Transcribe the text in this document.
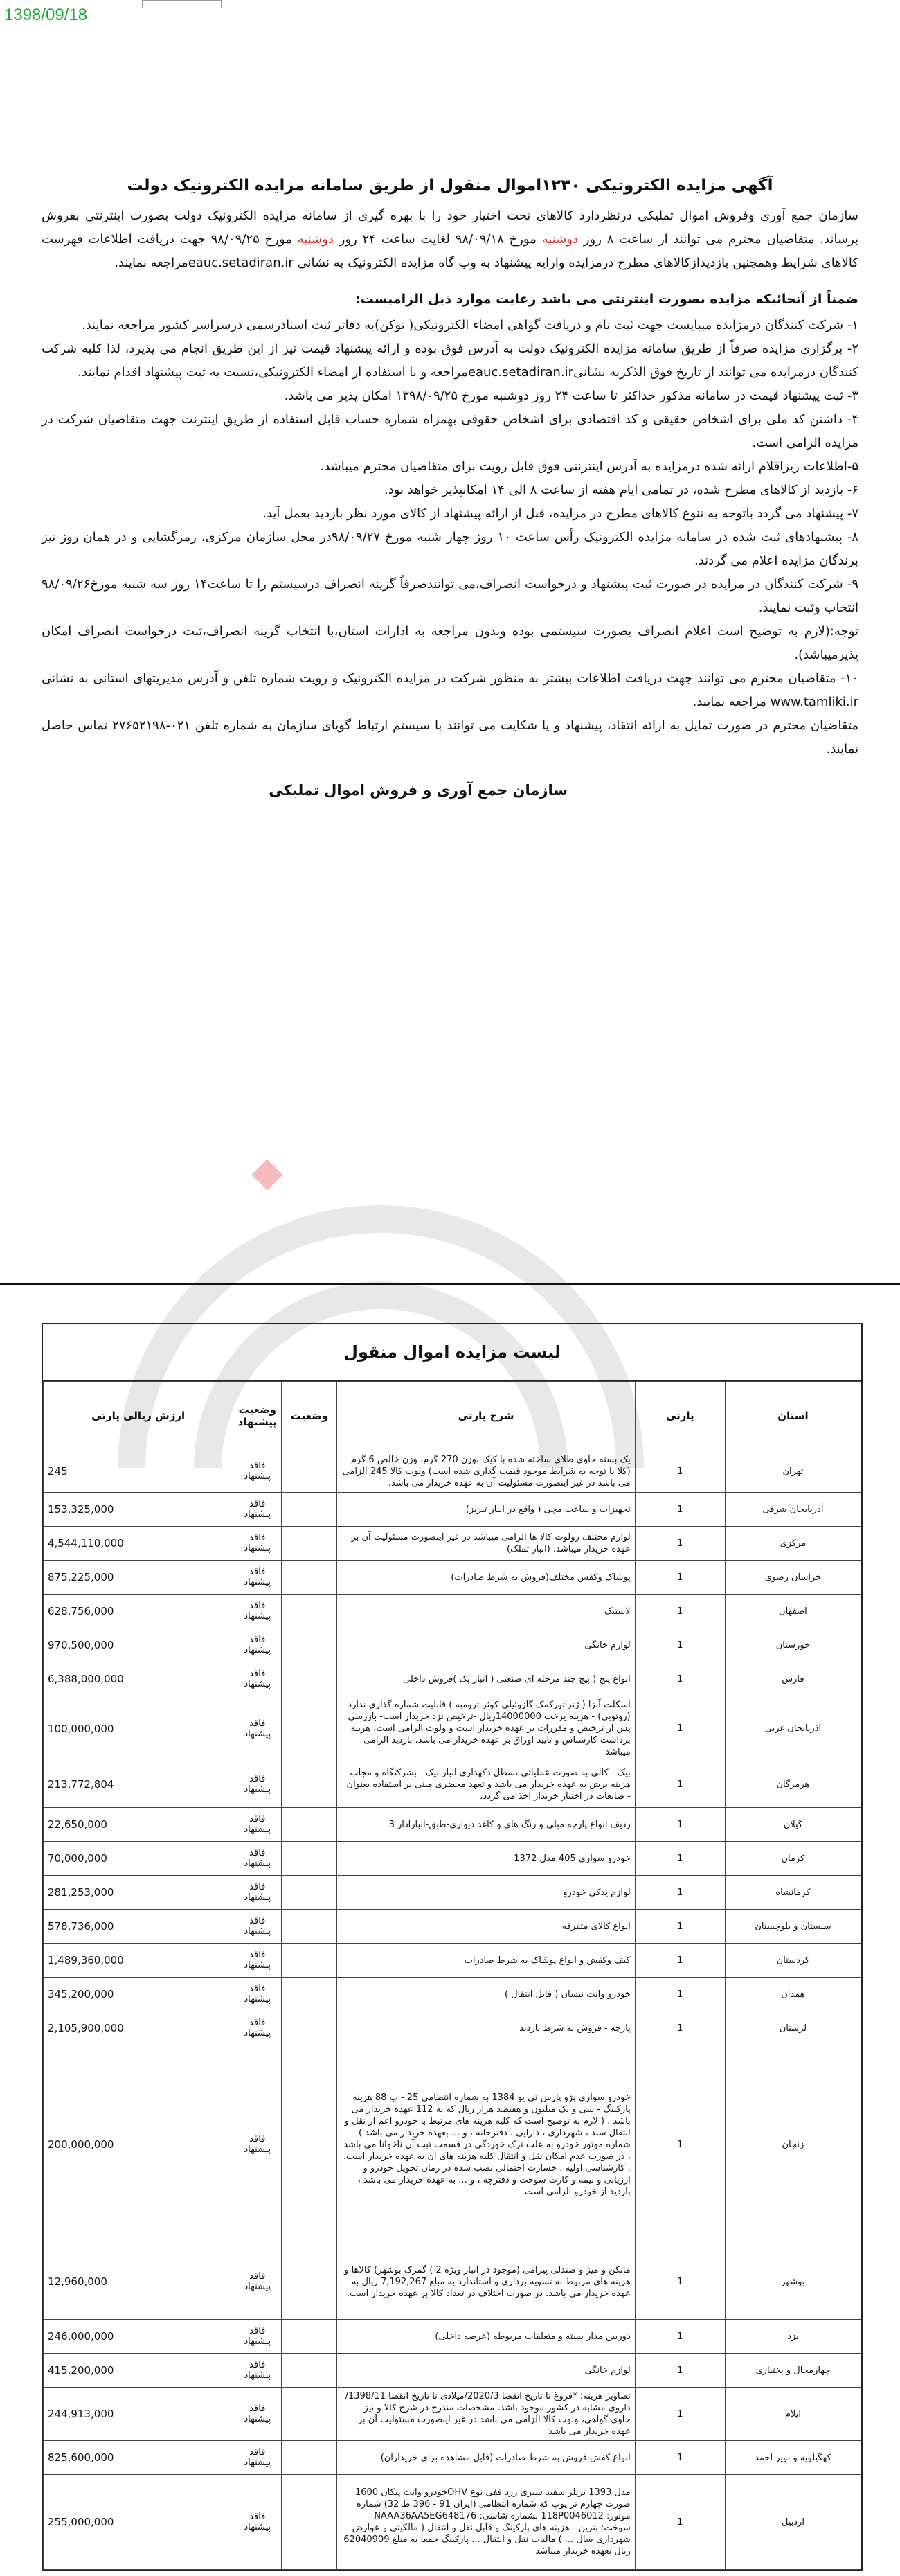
1398/09/18
آگهی مزایده الکترونیکی ۱۲۳۰اموال منقول از طریق سامانه مزایده الکترونیک دولت

سازمان جمع آوری وفروش اموال تملیکی درنظردارد کالاهای تحت اختیار خود را با بهره گیری از سامانه مزایده الکترونیک دولت بصورت اینترنتی بفروش برساند. متقاضیان محترم می توانند از ساعت ۸ روز دوشنبه مورخ ۹۸/۰۹/۱۸ لغایت ساعت ۲۴ روز دوشنبه مورخ ۹۸/۰۹/۲۵ جهت دریافت اطلاعات فهرست کالاهای شرایط وهمچنین بازدیدازکالاهای مطرح درمزایده وارایه پیشنهاد به وب گاه مزایده الکترونیک به نشانی eauc.setadiran.irمراجعه نمایند.

ضمناً از آنجائیکه مزایده بصورت اینترنتی می باشد رعایت موارد ذیل الزامیست:

۱- شرکت کنندگان درمزایده میبایست جهت ثبت نام و دریافت گواهی امضاء الکترونیکی( توکن)به دفاتر ثبت اسنادرسمی درسراسر کشور مراجعه نمایند.

۲- برگزاری مزایده صرفاً از طریق سامانه مزایده الکترونیک دولت به آدرس فوق بوده و ارائه پیشنهاد قیمت نیز از این طریق انجام می پذیرد، لذا کلیه شرکت کنندگان درمزایده می توانند از تاریخ فوق الذکربه نشانیeauc.setadiran.irمراجعه و با استفاده از امضاء الکترونیکی،نسبت به ثبت پیشنهاد اقدام نمایند.

۳- ثبت پیشنهاد قیمت در سامانه مذکور حداکثر تا ساعت ۲۴ روز دوشنبه مورخ ۱۳۹۸/۰۹/۲۵ امکان پذیر می باشد.

۴- داشتن کد ملی برای اشخاص حقیقی و کد اقتصادی برای اشخاص حقوقی بهمراه شماره حساب قابل استفاده از طریق اینترنت جهت متقاضیان شرکت در مزایده الزامی است.

۵-اطلاعات ریزاقلام ارائه شده درمزایده به آدرس اینترنتی فوق قابل رویت برای متقاضیان محترم میباشد.

۶- بازدید از کالاهای مطرح شده، در تمامی ایام هفته از ساعت ۸ الی ۱۴ امکانپذیر خواهد بود.

۷- پیشنهاد می گردد باتوجه به تنوع کالاهای مطرح در مزایده، قبل از ارائه پیشنهاد از کالای مورد نظر بازدید بعمل آید.

۸- پیشنهادهای ثبت شده در سامانه مزایده الکترونیک رأس ساعت ۱۰ روز چهار شنبه مورخ ۹۸/۰۹/۲۷در محل سازمان مرکزی، رمزگشایی و در همان روز نیز برندگان مزایده اعلام می گردند.

۹- شرکت کنندگان در مزایده در صورت ثبت پیشنهاد و درخواست انصراف،می توانندصرفاً گزینه انصراف درسیستم را تا ساعت۱۴ روز سه شنبه مورخ۹۸/۰۹/۲۶ انتخاب وثبت نمایند.

توجه:(لازم به توضیح است اعلام انصراف بصورت سیستمی بوده وبدون مراجعه به ادارات استان،با انتخاب گزینه انصراف،ثبت درخواست انصراف امکان پذیرمیباشد).

۱۰- متقاضیان محترم می توانند جهت دریافت اطلاعات بیشتر به منظور شرکت در مزایده الکترونیک و رویت شماره تلفن و آدرس مدیریتهای استانی به نشانی www.tamliki.ir مراجعه نمایند.

متقاضیان محترم در صورت تمایل به ارائه انتقاد، پیشنهاد و یا شکایت می توانند با سیستم ارتباط گویای سازمان به شماره تلفن ۰۲۱-۲۷۶۵۲۱۹۸ تماس حاصل نمایند.

سازمان جمع آوری و فروش اموال تملیکی
لیست مزایده اموال منقول
استان	پارتی	شرح پارتی	وضعیت	وضعیت پیشنهاد	ارزش ریالی پارتی
تهران	1	یک بسته حاوی طلای ساخته شده با کیک بوزن 270 گرم، وزن خالص 6 گرم (کلا با توجه به شرایط موجود قیمت گذاری شده است) ولوت کالا 245 الزامی می باشد در غیر اینصورت مسئولیت آن به عهده خریدار می باشد.		فاقد پیشنهاد	245
آذربایجان شرقی	1	تجهیزات و ساعت مچی ( واقع در انبار تبریز)		فاقد پیشنهاد	153,325,000
مرکزی	1	لوازم مختلف رولوت کالا ها الزامی میباشد در غیر اینصورت مسئولیت آن بر عهده خریدار میباشد. (انبار تملک)		فاقد پیشنهاد	4,544,110,000
خراسان رضوی	1	پوشاک وکفش مختلف(فروش به شرط صادرات)		فاقد پیشنهاد	875,225,000
اصفهان	1	لاستیک		فاقد پیشنهاد	628,756,000
خوزستان	1	لوازم خانگی		فاقد پیشنهاد	970,500,000
فارس	1	انواع پنج ( پیچ چند مرحله ای صنعتی ( انبار پک )فروش داخلی		فاقد پیشنهاد	6,388,000,000
آذربایجان غربی	1	اسکلت آنزا ( ژنراتورکمک گازوئیلی کوثر ترومبه ) قابلیت شماره گذاری ندارد (روتوبی) - هزینه یرخت 14000000ریال -ترخیص نزد خریدار است- بازرسی پس از ترخیص و مقررات بر عهده خریدار است و ولوت الزامی است، هزینه برداشت کارشناس و تایید اوراق بر عهده خریدار می باشد. بازدید الزامی میباشد		فاقد پیشنهاد	100,000,000
هرمزگان	1	بیک - کالی به صورت عملیاتی ،سطل دکهداری انبار بیک - بشرکتگاه و مجاب هزینه برش به عهده خریدار می باشد و تعهد محضری مبنی بر استفاده بعنوان - ضایعات در اختیار خریدار اخذ می گردد.		فاقد پیشنهاد	213,772,804
گیلان	1	ردیف انواع پارچه مبلی و رنگ های و کاغذ دیواری-طبق-انبارادار 3		فاقد پیشنهاد	22,650,000
کرمان	1	خودرو سواری 405 مدل 1372		فاقد پیشنهاد	70,000,000
کرمانشاه	1	لوازم یدکی خودرو		فاقد پیشنهاد	281,253,000
سیستان و بلوچستان	1	انواع کالای متفرقه		فاقد پیشنهاد	578,736,000
کردستان	1	کیف وکفش و انواع پوشاک به شرط صادرات		فاقد پیشنهاد	1,489,360,000
همدان	1	خودرو وانت نیسان ( قابل انتقال )		فاقد پیشنهاد	345,200,000
لرستان	1	پارچه - فروش به شرط بازدید		فاقد پیشنهاد	2,105,900,000
زنجان	1	خودرو سواری پژو پارس تی یو 1384 به شماره انتظامی 25 - ب 88 هزینه پارکینگ - سی و یک میلیون و هفتصد هزار ریال که به 112 عهده خریدار می باشد . ( لازم به توضیح است که کلیه هزینه های مرتبط با خودرو اعم از نقل و انتقال سند ، شهرداری ، دارایی ، دفترخانه ، و ... بعهده خریدار می باشد ) شماره موتور خودرو به علت ترک خوردگی در قسمت ثبت آن ناخوانا می باشد ، در صورت عدم امکان نقل و انتقال کلیه هزینه های آن به عهده خریدار است. ، کارشناسی اولیه ، خسارت احتمالی نصب شده در زمان تحویل خودرو و ارزیابی و بیمه و کارت سوخت و دفترچه ، و ... به عهده خریدار می باشد ، بازدید از خودرو الزامی است		فاقد پیشنهاد	200,000,000
بوشهر	1	مانکن و میز و صندلی پیرامی (موجود در انبار ویژه 2 ) گمرک بوشهر) کالاها و هزینه های مربوط به تسویه برداری و استاندارد به مبلغ 7,192,267 ریال به عهده خریدار می باشد. در صورت اختلاف در تعداد کالا بر عهده خریدار است.		فاقد پیشنهاد	12,960,000
یزد	1	دوربین مدار بسته و متعلقات مربوطه (عرضه داخلی)		فاقد پیشنهاد	246,000,000
چهارمحال و بختیاری	1	لوازم خانگی		فاقد پیشنهاد	415,200,000
ایلام	1	تصاویر هزینه: *فروغ تا تاریخ انقضا 2020/3/میلادی تا تاریخ انقضا 1398/11/ داروی مشابه در کشور موجود باشد. مشخصات مندرج در شرح کالا و نیز حاوی گواهی، ولوت کالا الزامی می باشد در غیر اینصورت مسئولیت آن بر عهده خریدار می باشد		فاقد پیشنهاد	244,913,000
کهگیلویه و بویر احمد	1	انواع کفش فروش به شرط صادرات (قابل مشاهده برای خریداران)		فاقد پیشنهاد	825,600,000
اردبیل	1	مدل 1393 تریلر سفید شیری زرد قفی نوع OHVخودرو وانت پیکان 1600 صورت چهارم تر یوپ که شماره انتظامی (ایران 91 - 396 ط 32) شماره موتور: 118P0046012 بشماره شاسی: NAAA36AA5EG648176 سوخت: بنزین - هزینه های پارکینگ و قابل نقل و انتقال ( مالکیتی و عوارض شهرداری سال ... ) مالیات نقل و انتقال ... پارکینگ جمعا به مبلغ 62040909 ریال بعهده خریدار میباشد		فاقد پیشنهاد	255,000,000
